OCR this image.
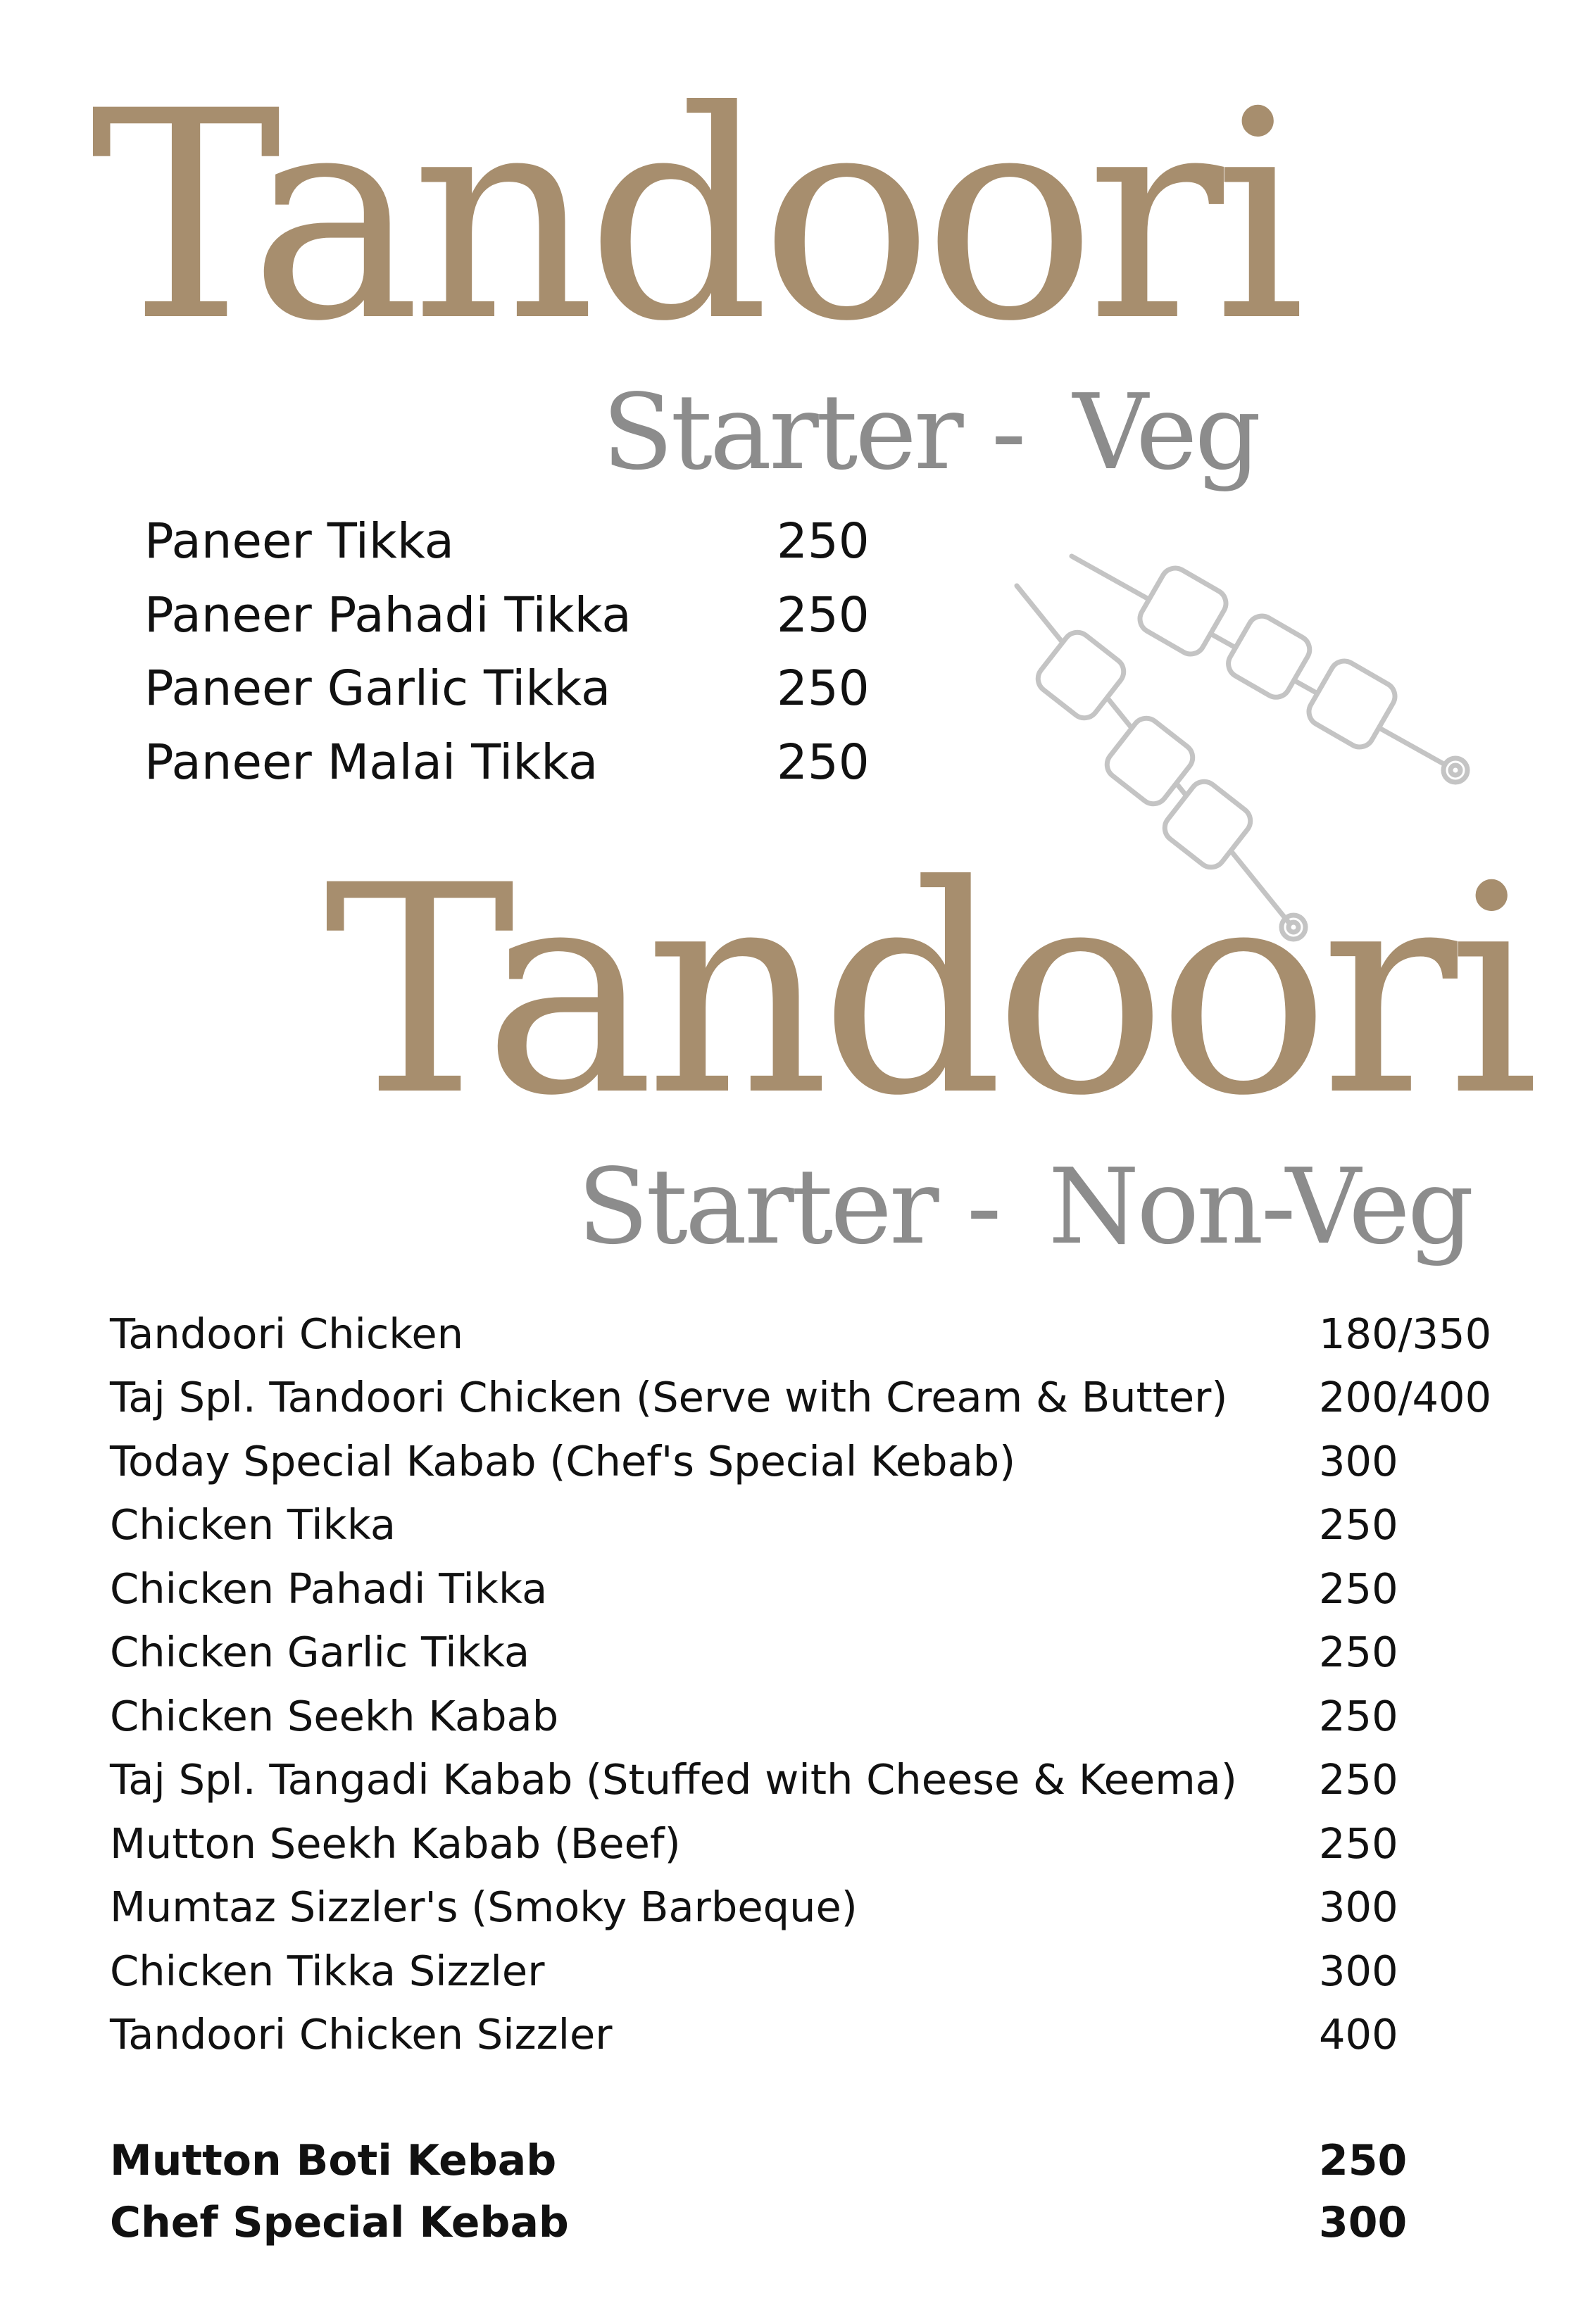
Tandoori
Starter - Veg
Paneer Tikka	250
Paneer Pahadi Tikka	250
Paneer Garlic Tikka	250
Paneer Malai Tikka	250
Tandoori
Starter - Non-Veg
Tandoori Chicken	180/350
Taj Spl. Tandoori Chicken (Serve with Cream & Butter)	200/400
Today Special Kabab (Chef's Special Kebab)	300
Chicken Tikka	250
Chicken Pahadi Tikka	250
Chicken Garlic Tikka	250
Chicken Seekh Kabab	250
Taj Spl. Tangadi Kabab (Stuffed with Cheese & Keema)	250
Mutton Seekh Kabab (Beef)	250
Mumtaz Sizzler's (Smoky Barbeque)	300
Chicken Tikka Sizzler	300
Tandoori Chicken Sizzler	400
Mutton Boti Kebab	250
Chef Special Kebab	300
